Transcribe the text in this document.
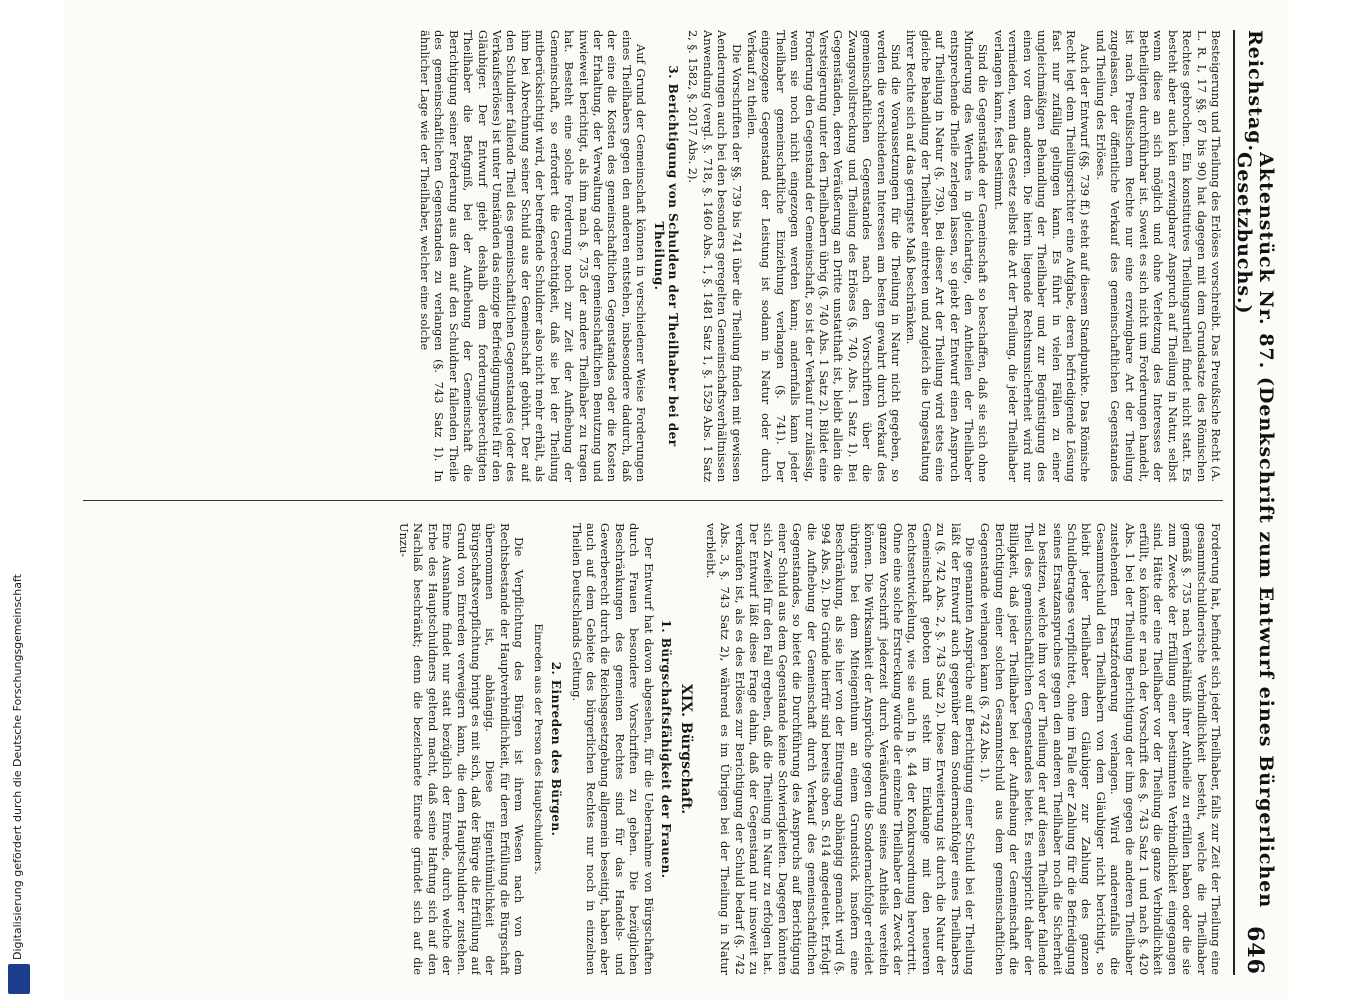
Digitalisierung gefördert durch die Deutsche Forschungsgemeinschaft
Reichstag.
Aktenstück Nr. 87. (Denkschrift zum Entwurf eines Bürgerlichen Gesetzbuchs.)
646

Besteigerung und Theilung des Erlöses vorschreibt. Das Preußische Recht (A. L. R. I, 17 §§. 87 bis 90) hat dagegen mit dem Grundsatze des Römischen Rechtes gebrochen. Ein konstitutives Theilungsurtheil findet nicht statt. Es besteht aber auch kein erzwingbarer Anspruch auf Theilung in Natur, selbst wenn diese an sich möglich und ohne Verletzung des Interesses der Betheiligten durchführbar ist. Soweit es sich nicht um Forderungen handelt, ist nach Preußischem Rechte nur eine erzwingbare Art der Theilung zugelassen, der öffentliche Verkauf des gemeinschaftlichen Gegenstandes und Theilung des Erlöses.

Auch der Entwurf (§§. 739 ff.) steht auf diesem Standpunkte. Das Römische Recht legt dem Theilungsrichter eine Aufgabe, deren befriedigende Lösung fast nur zufällig gelingen kann. Es führt in vielen Fällen zu einer ungleichmäßigen Behandlung der Theilhaber und zur Begünstigung des einen vor dem anderen. Die hierin liegende Rechtsunsicherheit wird nur vermieden, wenn das Gesetz selbst die Art der Theilung, die jeder Theilhaber verlangen kann, fest bestimmt.

Sind die Gegenstände der Gemeinschaft so beschaffen, daß sie sich ohne Minderung des Werthes in gleichartige, den Antheilen der Theilhaber entsprechende Theile zerlegen lassen, so giebt der Entwurf einen Anspruch auf Theilung in Natur (§. 739). Bei dieser Art der Theilung wird stets eine gleiche Behandlung der Theilhaber eintreten und zugleich die Umgestaltung ihrer Rechte sich auf das geringste Maß beschränken.

Sind die Voraussetzungen für die Theilung in Natur nicht gegeben, so werden die verschiedenen Interessen am besten gewahrt durch Verkauf des gemeinschaftlichen Gegenstandes nach den Vorschriften über die Zwangsvollstreckung und Theilung des Erlöses (§. 740, Abs. 1 Satz 1). Bei Gegenständen, deren Veräußerung an Dritte unstatthaft ist, bleibt allein die Versteigerung unter den Theilhabern übrig (§. 740 Abs. 1 Satz 2). Bildet eine Forderung den Gegenstand der Gemeinschaft, so ist der Verkauf nur zulässig, wenn sie noch nicht eingezogen werden kann; andernfalls kann jeder Theilhaber gemeinschaftliche Einziehung verlangen (§. 741). Der eingezogene Gegenstand der Leistung ist sodann in Natur oder durch Verkauf zu theilen.

Die Vorschriften der §§. 739 bis 741 über die Theilung finden mit gewissen Aenderungen auch bei den besonders geregelten Gemeinschaftsverhältnissen Anwendung (vergl. §. 718, §. 1460 Abs. 1, §. 1481 Satz 1, §. 1529 Abs. 1 Satz 2, §. 1582, §. 2017 Abs. 2).

3. Berichtigung von Schulden der Theilhaber bei der Theilung.

Auf Grund der Gemeinschaft können in verschiedener Weise Forderungen eines Theilhabers gegen den anderen entstehen, insbesondere dadurch, daß der eine die Kosten des gemeinschaftlichen Gegenstandes oder die Kosten der Erhaltung, der Verwaltung oder der gemeinschaftlichen Benutzung und inwieweit berichtigt, als ihm nach §. 735 der andere Theilhaber zu tragen hat. Besteht eine solche Forderung noch zur Zeit der Aufhebung der Gemeinschaft, so erfordert die Gerechtigkeit, daß sie bei der Theilung mitberücksichtigt wird, der betreffende Schuldner also nicht mehr erhält, als ihm bei Abrechnung seiner Schuld aus der Gemeinschaft gebührt. Der auf den Schuldner fallende Theil des gemeinschaftlichen Gegenstandes (oder des Verkaufserlöses) ist unter Umständen das einzige Befriedigungsmittel für den Gläubiger. Der Entwurf giebt deshalb dem forderungsberechtigten Theilhaber die Befugniß, bei der Aufhebung der Gemeinschaft die Berichtigung seiner Forderung aus dem auf den Schuldner fallenden Theile des gemeinschaftlichen Gegenstandes zu verlangen (§. 743 Satz 1). In ähnlicher Lage wie der Theilhaber, welcher eine solche

Forderung hat, befindet sich jeder Theilhaber, falls zur Zeit der Theilung eine gesammtschuldnerische Verbindlichkeit besteht, welche die Theilhaber gemäß §. 735 nach Verhältniß ihrer Antheile zu erfüllen haben oder die sie zum Zwecke der Erfüllung einer bestimmten Verbindlichkeit eingegangen sind. Hätte der eine Theilhaber vor der Theilung die ganze Verbindlichkeit erfüllt, so könnte er nach der Vorschrift des §. 743 Satz 1 und nach §. 420 Abs. 1 bei der Theilung Berichtigung der ihm gegen die anderen Theilhaber zustehenden Ersatzforderung verlangen. Wird anderenfalls die Gesammtschuld den Theilhabern von dem Gläubiger nicht berichtigt, so bleibt jeder Theilhaber dem Gläubiger zur Zahlung des ganzen Schuldbetrages verpflichtet, ohne im Falle der Zahlung für die Befriedigung seines Ersatzanspruches gegen den anderen Theilhaber noch die Sicherheit zu besitzen, welche ihm vor der Theilung der auf diesen Theilhaber fallende Theil des gemeinschaftlichen Gegenstandes bietet. Es entspricht daher der Billigkeit, daß jeder Theilhaber bei der Aufhebung der Gemeinschaft die Berichtigung einer solchen Gesammtschuld aus dem gemeinschaftlichen Gegenstande verlangen kann (§. 742 Abs. 1).

Die genannten Ansprüche auf Berichtigung einer Schuld bei der Theilung läßt der Entwurf auch gegenüber dem Sondernachfolger eines Theilhabers zu (§. 742 Abs. 2, §. 743 Satz 2). Diese Erweiterung ist durch die Natur der Gemeinschaft geboten und steht im Einklange mit den neueren Rechtsentwickelung, wie sie auch in §. 44 der Konkursordnung hervortritt. Ohne eine solche Erstreckung würde der einzelne Theilhaber den Zweck der ganzen Vorschrift jederzeit durch Veräußerung seines Antheils vereiteln können. Die Wirksamkeit der Ansprüche gegen die Sondernachfolger erleidet übrigens bei dem Miteigenthum an einem Grundstück insofern eine Beschränkung, als sie hier von der Eintragung abhängig gemacht wird (§. 994 Abs. 2). Die Gründe hierfür sind bereits oben S. 614 angedeutet. Erfolgt die Aufhebung der Gemeinschaft durch Verkauf des gemeinschaftlichen Gegenstandes, so bietet die Durchführung des Anspruchs auf Berichtigung einer Schuld aus dem Gegenstande keine Schwierigkeiten. Dagegen könnten sich Zweifel für den Fall ergeben, daß die Theilung in Natur zu erfolgen hat. Der Entwurf läßt diese Frage dahin, daß der Gegenstand nur insoweit zu verkaufen ist, als es des Erlöses zur Berichtigung der Schuld bedarf (§. 742 Abs. 3, §. 743 Satz 2), während es im Übrigen bei der Theilung in Natur verbleibt.

XIX. Bürgschaft.
1. Bürgschaftsfähigkeit der Frauen.

Der Entwurf hat davon abgesehen, für die Uebernahme von Bürgschaften durch Frauen besondere Vorschriften zu geben. Die bezüglichen Beschränkungen des gemeinen Rechtes sind für das Handels- und Gewerberecht durch die Reichsgesetzgebung allgemein beseitigt, haben aber auch auf dem Gebiete des bürgerlichen Rechtes nur noch in einzelnen Theilen Deutschlands Geltung.

2. Einreden des Bürgen.
Einreden aus der Person des Hauptschuldners.

Die Verpflichtung des Bürgen ist ihrem Wesen nach von dem Rechtsbestande der Hauptverbindlichkeit, für deren Erfüllung die Bürgschaft übernommen ist, abhängig. Diese Eigenthümlichkeit der Bürgschaftsverpflichtung bringt es mit sich, daß der Bürge die Erfüllung auf Grund von Einreden verweigern kann, die dem Hauptschuldner zustehen. Eine Ausnahme findet nur statt bezüglich der Einrede, durch welche der Erbe des Hauptschuldners geltend macht, daß seine Haftung sich auf den Nachlaß beschränkt; denn die bezeichnete Einrede gründet sich auf die Unzu-
